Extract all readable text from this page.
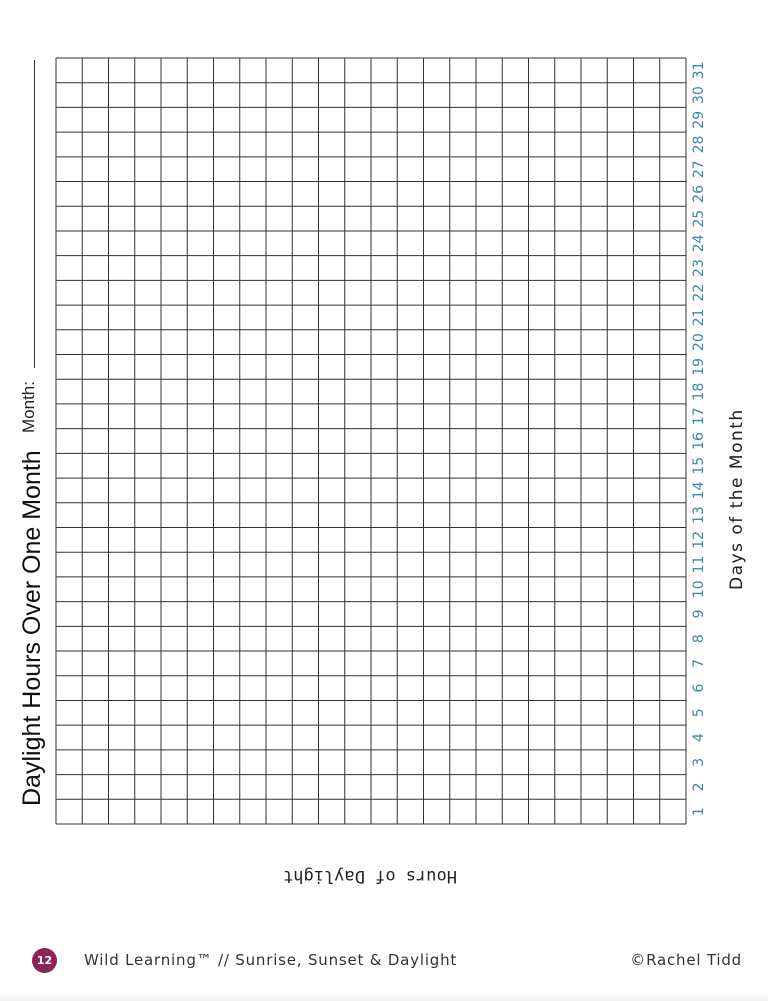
1
2
3
4
5
6
7
8
9
10
11
12
13
14
15
16
17
18
19
20
21
22
23
24
25
26
27
28
29
30
31
Daylight Hours Over One Month
Month:
Days of the Month
Hours of Daylight
12	Wild Learning™ // Sunrise, Sunset & Daylight	©Rachel Tidd
